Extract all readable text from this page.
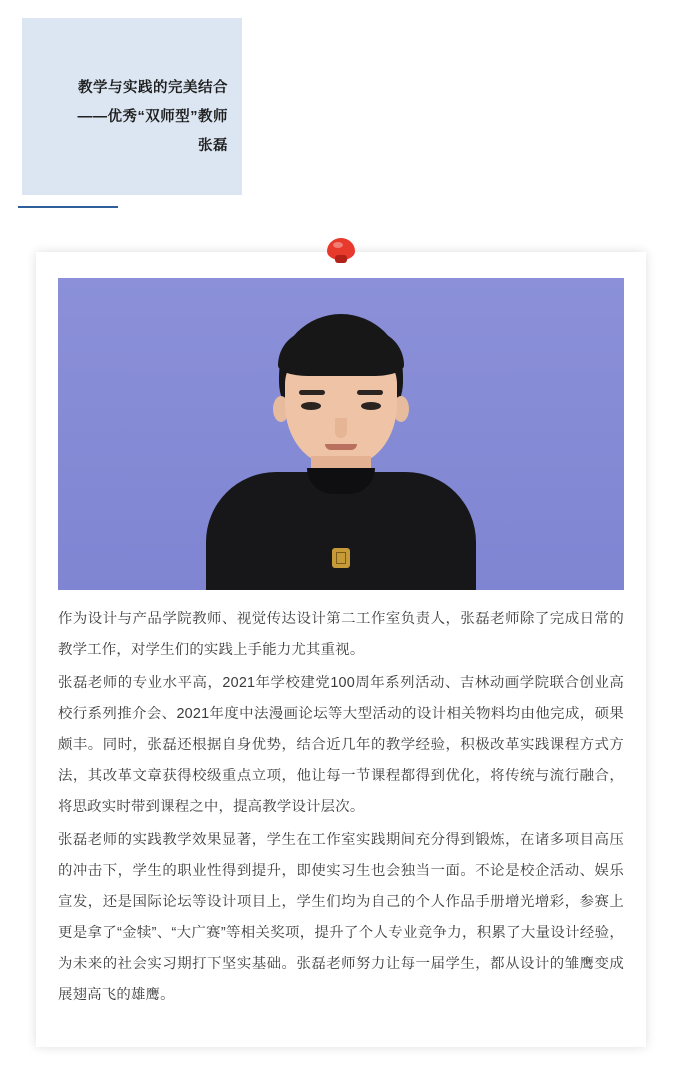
教学与实践的完美结合
——优秀“双师型”教师
张磊

作为设计与产品学院教师、视觉传达设计第二工作室负责人，张磊老师除了完成日常的教学工作，对学生们的实践上手能力尤其重视。

张磊老师的专业水平高，2021年学校建党100周年系列活动、吉林动画学院联合创业高校行系列推介会、2021年度中法漫画论坛等大型活动的设计相关物料均由他完成，硕果颇丰。同时，张磊还根据自身优势，结合近几年的教学经验，积极改革实践课程方式方法，其改革文章获得校级重点立项，他让每一节课程都得到优化，将传统与流行融合，将思政实时带到课程之中，提高教学设计层次。

张磊老师的实践教学效果显著，学生在工作室实践期间充分得到锻炼，在诸多项目高压的冲击下，学生的职业性得到提升，即使实习生也会独当一面。不论是校企活动、娱乐宣发，还是国际论坛等设计项目上，学生们均为自己的个人作品手册增光增彩，参赛上更是拿了“金犊”、“大广赛”等相关奖项，提升了个人专业竞争力，积累了大量设计经验，为未来的社会实习期打下坚实基础。张磊老师努力让每一届学生，都从设计的雏鹰变成展翅高飞的雄鹰。
